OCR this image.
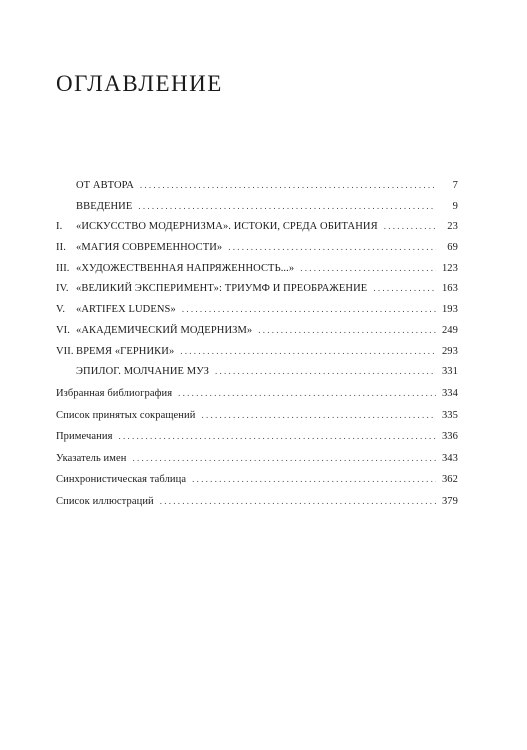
ОГЛАВЛЕНИЕ
ОТ АВТОРА . . .	7
ВВЕДЕНИЕ . . .	9
I.	«ИСКУССТВО МОДЕРНИЗМА». ИСТОКИ, СРЕДА ОБИТАНИЯ . . .	23
II. «МАГИЯ СОВРЕМЕННОСТИ» . . .	69
III. «ХУДОЖЕСТВЕННАЯ НАПРЯЖЕННОСТЬ...» . . .	123
IV. «ВЕЛИКИЙ ЭКСПЕРИМЕНТ»: ТРИУМФ И ПРЕОБРАЖЕНИЕ . . .	163
V.	«ARTIFEX LUDENS» . . .	193
VI. «АКАДЕМИЧЕСКИЙ МОДЕРНИЗМ» . . .	249
VII. ВРЕМЯ «ГЕРНИКИ» . . .	293
ЭПИЛОГ. МОЛЧАНИЕ МУЗ . . .	331
Избранная библиография . . .	334
Список принятых сокращений . . .	335
Примечания . . .	336
Указатель имен . . .	343
Синхронистическая таблица . . .	362
Список иллюстраций . . .	379
